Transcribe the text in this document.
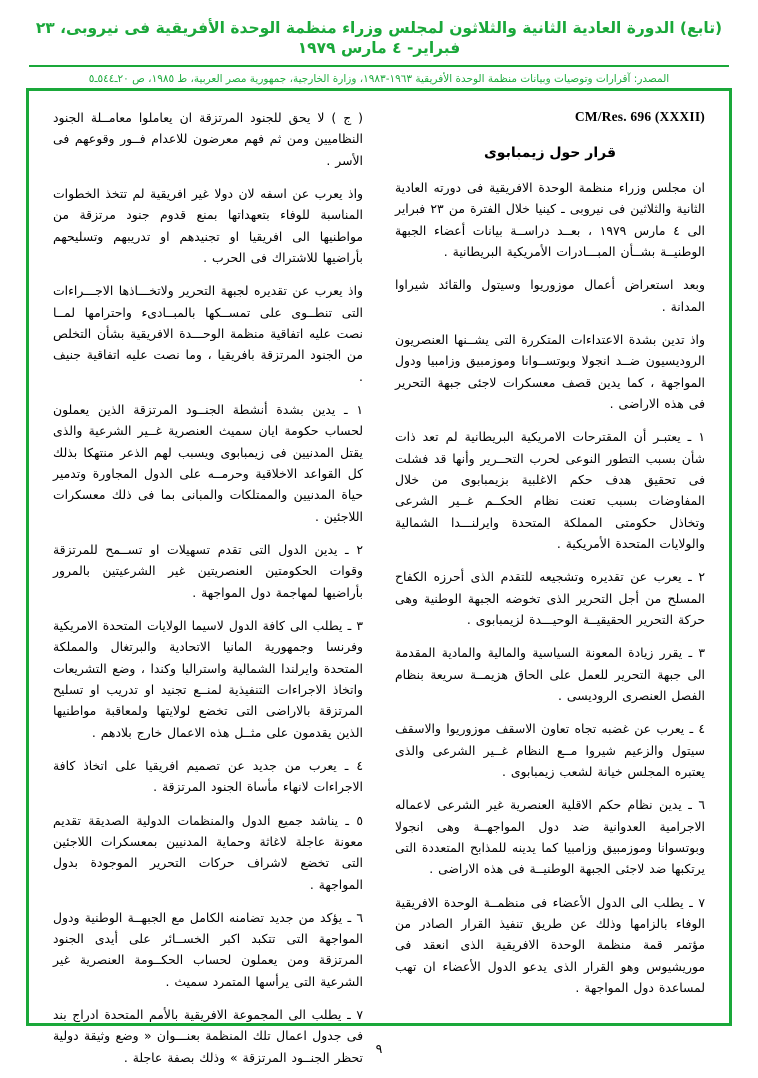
(تابع) الدورة العادية الثانية والثلاثون لمجلس وزراء منظمة الوحدة الأفريقية فى نيروبى، ٢٣ فبراير- ٤ مارس ١٩٧٩
المصدر: آقرارات وتوصيات وبيانات منظمة الوحدة الأفريقية ١٩٦٣-١٩٨٣، وزارة الخارجية، جمهورية مصر العربية، ط ١٩٨٥، ص ٢٠ـ٥٤٤ـ٥
CM/Res. 696 (XXXII)
قرار حول زيمبابوى

ان مجلس وزراء منظمة الوحدة الافريقية فى دورته العادية الثانية والثلاثين فى نيروبى ـ كينيا خلال الفترة من ٢٣ فبراير الى ٤ مارس ١٩٧٩ ، بعــد دراســة بيانات أعضاء الجبهة الوطنيــة بشــأن المبـــادرات الأمريكية البريطانية .

وبعد استعراض أعمال موزوريوا وسيتول والقائد شيراوا المدانة .

واذ تدين بشدة الاعتداءات المتكررة التى يشــنها العنصريون الروديسيون ضــد انجولا وبوتســوانا وموزمبيق وزامبيا ودول المواجهة ، كما يدين قصف معسكرات لاجئى جبهة التحرير فى هذه الاراضى .

١ ـ يعتبـر أن المقترحات الامريكية البريطانية لم تعد ذات شأن بسبب التطور النوعى لحرب التحــرير وأنها قد فشلت فى تحقيق هدف حكم الاغلبية بزيمبابوى من خلال المفاوضات بسبب تعنت نظام الحكــم غــير الشرعى وتخاذل حكومتى المملكة المتحدة وايرلنـــدا الشمالية والولايات المتحدة الأمريكية .

٢ ـ يعرب عن تقديره وتشجيعه للتقدم الذى أحرزه الكفاح المسلح من أجل التحرير الذى تخوضه الجبهة الوطنية وهى حركة التحرير الحقيقيــة الوحيـــدة لزيمبابوى .

٣ ـ يقرر زيادة المعونة السياسية والمالية والمادية المقدمة الى جبهة التحرير للعمل على الحاق هزيمــة سريعة بنظام الفصل العنصرى الرودیسى .

٤ ـ يعرب عن غضبه تجاه تعاون الاسقف موزوريوا والاسقف سيتول والزعيم شيروا مــع النظام غــير الشرعى والذى يعتبره المجلس خيانة لشعب زيمبابوى .

٦ ـ يدين نظام حكم الاقلية العنصرية غير الشرعى لاعماله الاجرامية العدوانية ضد دول المواجهــة وهى انجولا وبوتسوانا وموزمبيق وزامبيا كما يدينه للمذابح المتعددة التى يرتكبها ضد لاجئى الجبهة الوطنيــة فى هذه الاراضى .

٧ ـ يطلب الى الدول الأعضاء فى منظمــة الوحدة الافريقية الوفاء بالزامها وذلك عن طريق تنفيذ القرار الصادر من مؤتمر قمة منظمة الوحدة الافريقية الذى انعقد فى موريشيوس وهو القرار الذى يدعو الدول الأعضاء ان تهب لمساعدة دول المواجهة .

( ج ) لا يحق للجنود المرتزقة ان يعاملوا معامــلة الجنود النظاميين ومن ثم فهم معرضون للاعدام فــور وقوعهم فى الأسر .

واذ يعرب عن اسفه لان دولا غير افريقية لم تتخذ الخطوات المناسبة للوفاء بتعهداتها بمنع قدوم جنود مرتزقة من مواطنيها الى افريقيا او تجنيدهم او تدريبهم وتسليحهم بأراضيها للاشتراك فى الحرب .

واذ يعرب عن تقديره لجبهة التحرير ولاتخـــاذها الاجـــراءات التى تنطــوى على تمســكها بالمبــادىء واحترامها لمــا نصت عليه اتفاقية منظمة الوحـــدة الافريقية بشأن التخلص من الجنود المرتزقة بافريقيا ، وما نصت عليه اتفاقية جنيف .

١ ـ يدين بشدة أنشطة الجنــود المرتزقة الذين يعملون لحساب حكومة ايان سميث العنصرية غــير الشرعية والذى يقتل المدنيين فى زيمبابوى ويسبب لهم الذعر منتهكا بذلك كل القواعد الاخلاقية وحرمــه على الدول المجاورة وتدمير حياة المدنيين والممتلكات والمبانى بما فى ذلك معسكرات اللاجئين .

٢ ـ يدين الدول التى تقدم تسهيلات او تســمح للمرتزقة وقوات الحكومتين العنصريتين غير الشرعيتين بالمرور بأراضيها لمهاجمة دول المواجهة .

٣ ـ يطلب الى كافة الدول لاسيما الولايات المتحدة الامريكية وفرنسا وجمهورية المانيا الاتحادية والبرتغال والمملكة المتحدة وايرلندا الشمالية واستراليا وكندا ، وضع التشريعات واتخاذ الاجراءات التنفيذية لمنــع تجنيد او تدريب او تسليح المرتزقة بالاراضى التى تخضع لولايتها ولمعاقبة مواطنيها الذين يقدمون على مثــل هذه الاعمال خارج بلادهم .

٤ ـ يعرب من جديد عن تصميم افريقيا على اتخاذ كافة الاجراءات لانهاء مأساة الجنود المرتزقة .

٥ ـ يناشد جميع الدول والمنظمات الدولية الصديقة تقديم معونة عاجلة لاغاثة وحماية المدنيين بمعسكرات اللاجئين التى تخضع لاشراف حركات التحرير الموجودة بدول المواجهة .

٦ ـ يؤكد من جديد تضامنه الكامل مع الجبهــة الوطنية ودول المواجهة التى تتكبد اكبر الخســائر على أيدى الجنود المرتزقة ومن يعملون لحساب الحكــومة العنصرية غير الشرعية التى يرأسها المتمرد سميث .

٧ ـ يطلب الى المجموعة الافريقية بالأمم المتحدة ادراج بند فى جدول اعمال تلك المنظمة بعنـــوان « وضع وثيقة دولية تحظر الجنــود المرتزقة » وذلك بصفة عاجلة .

٩
